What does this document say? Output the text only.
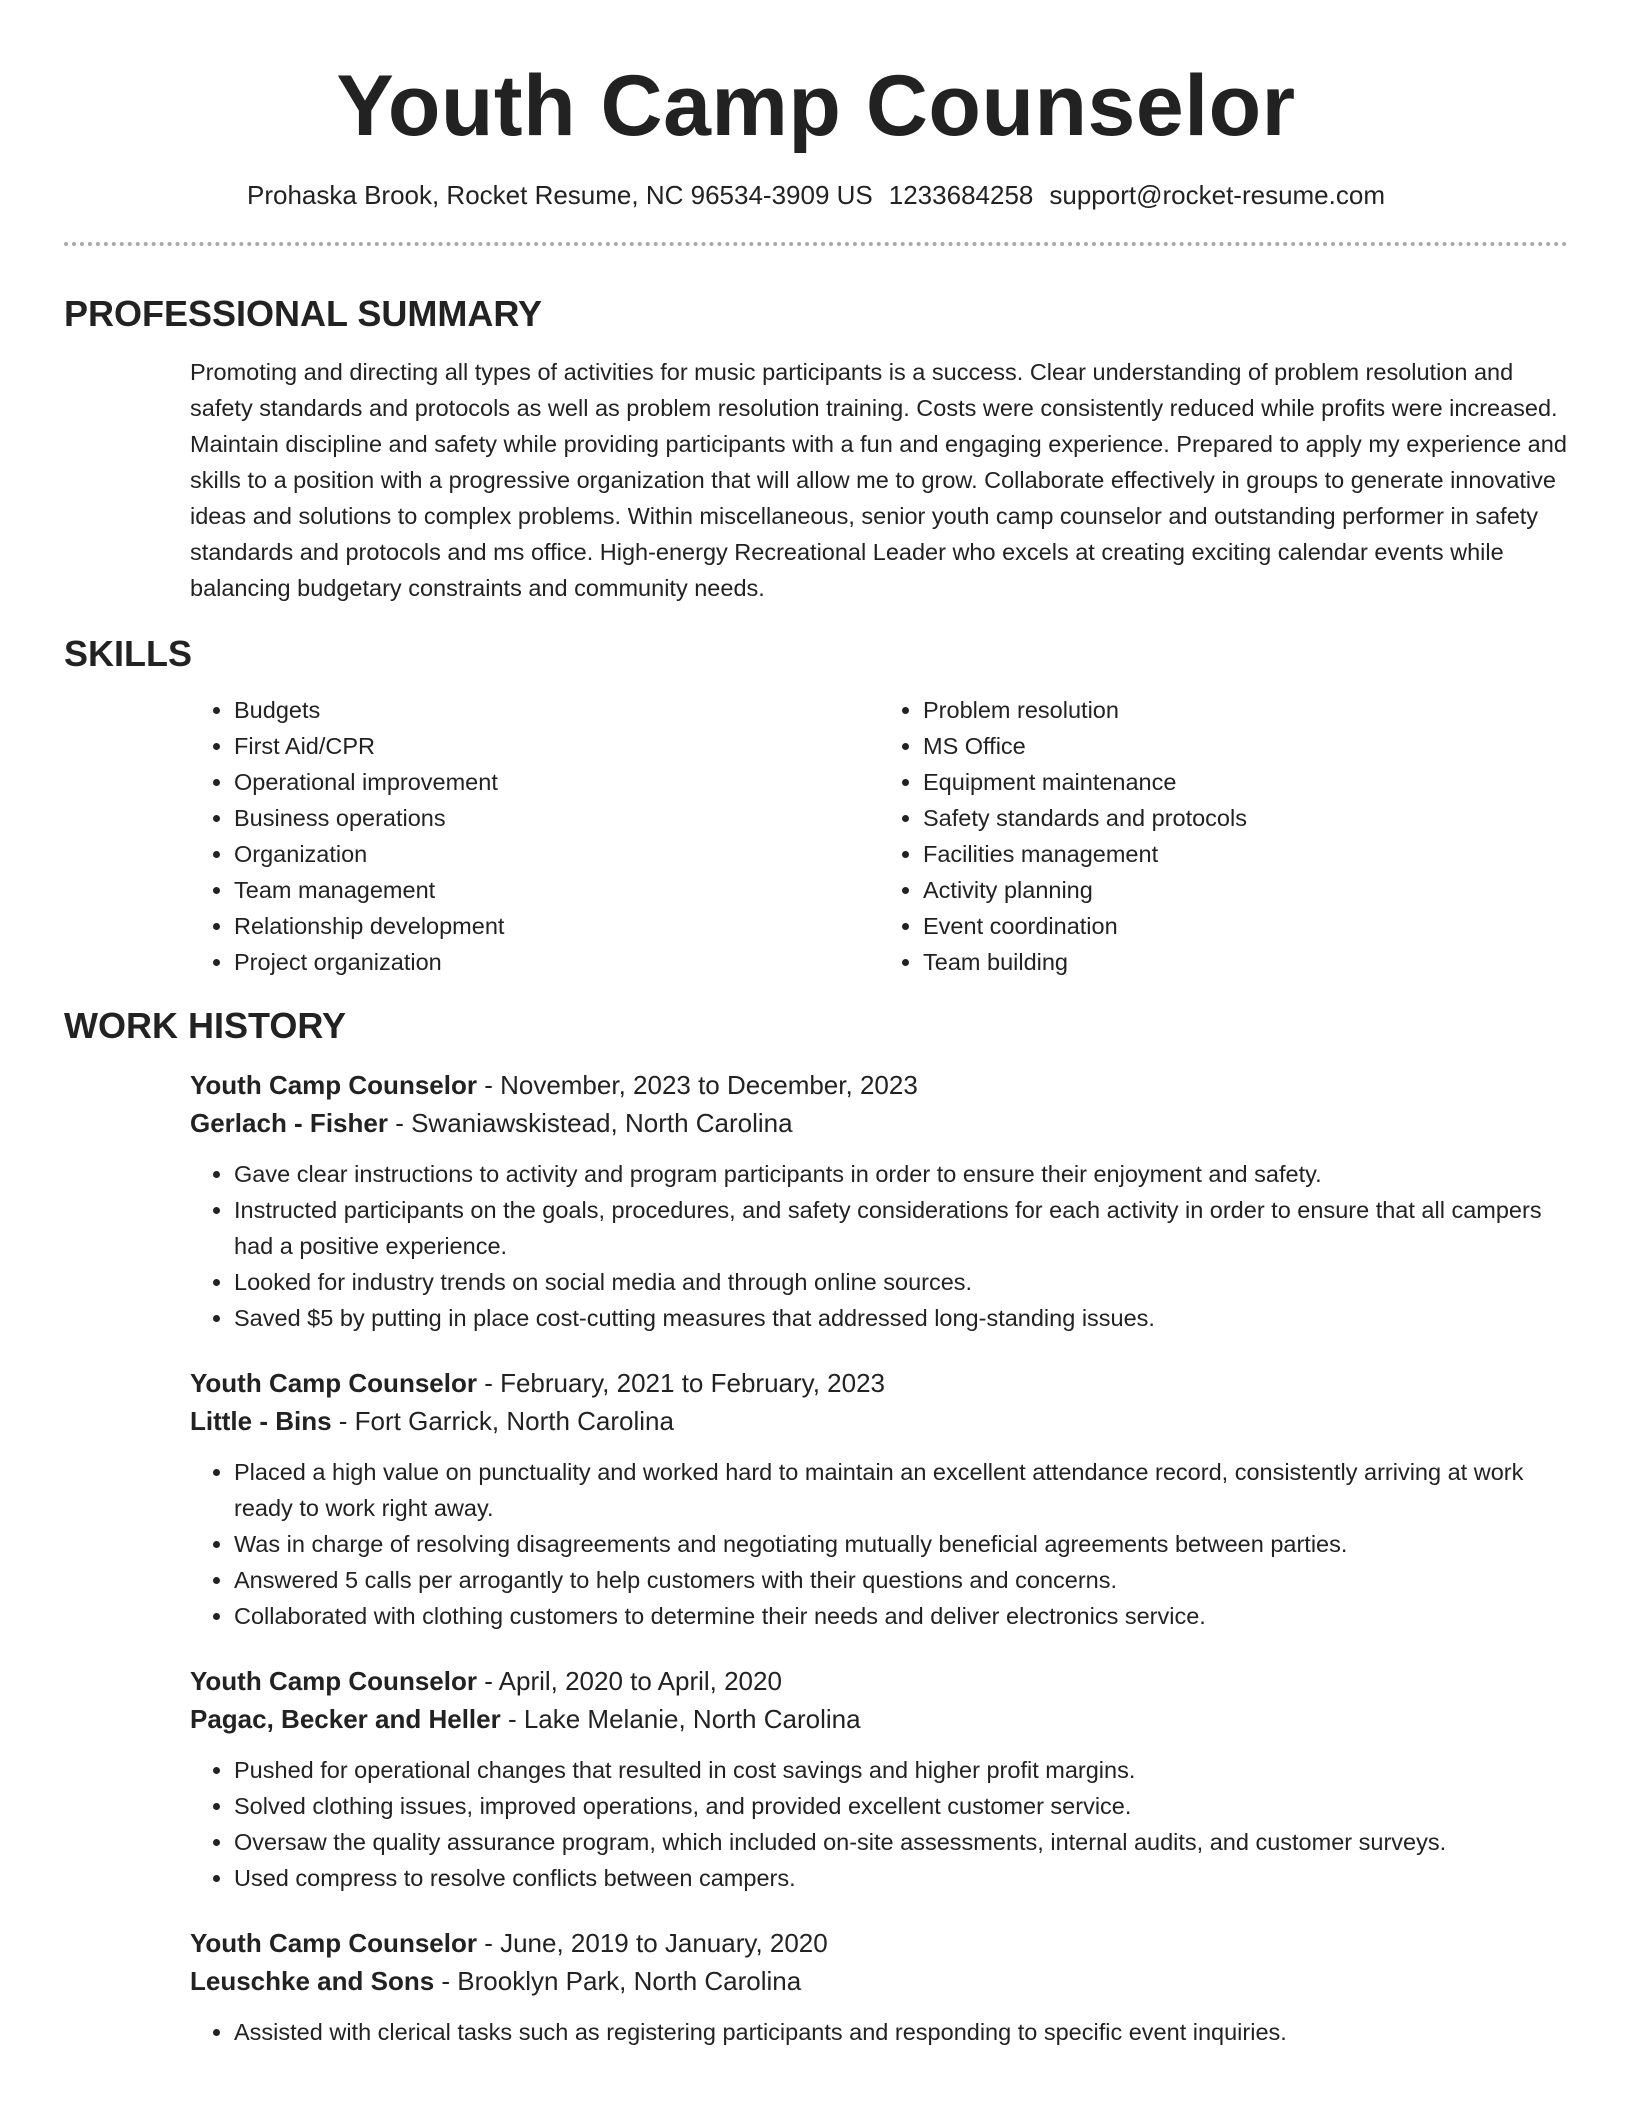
Youth Camp Counselor
Prohaska Brook, Rocket Resume, NC 96534-3909 US 1233684258 support@rocket-resume.com
PROFESSIONAL SUMMARY

Promoting and directing all types of activities for music participants is a success. Clear understanding of problem resolution and safety standards and protocols as well as problem resolution training. Costs were consistently reduced while profits were increased. Maintain discipline and safety while providing participants with a fun and engaging experience. Prepared to apply my experience and skills to a position with a progressive organization that will allow me to grow. Collaborate effectively in groups to generate innovative ideas and solutions to complex problems. Within miscellaneous, senior youth camp counselor and outstanding performer in safety standards and protocols and ms office. High-energy Recreational Leader who excels at creating exciting calendar events while balancing budgetary constraints and community needs.

SKILLS
• Budgets
• First Aid/CPR
• Operational improvement
• Business operations
• Organization
• Team management
• Relationship development
• Project organization
• Problem resolution
• MS Office
• Equipment maintenance
• Safety standards and protocols
• Facilities management
• Activity planning
• Event coordination
• Team building
WORK HISTORY
Youth Camp Counselor - November, 2023 to December, 2023
Gerlach - Fisher - Swaniawskistead, North Carolina
• Gave clear instructions to activity and program participants in order to ensure their enjoyment and safety.
• Instructed participants on the goals, procedures, and safety considerations for each activity in order to ensure that all campers had a positive experience.
• Looked for industry trends on social media and through online sources.
• Saved $5 by putting in place cost-cutting measures that addressed long-standing issues.
Youth Camp Counselor - February, 2021 to February, 2023
Little - Bins - Fort Garrick, North Carolina
• Placed a high value on punctuality and worked hard to maintain an excellent attendance record, consistently arriving at work ready to work right away.
• Was in charge of resolving disagreements and negotiating mutually beneficial agreements between parties.
• Answered 5 calls per arrogantly to help customers with their questions and concerns.
• Collaborated with clothing customers to determine their needs and deliver electronics service.
Youth Camp Counselor - April, 2020 to April, 2020
Pagac, Becker and Heller - Lake Melanie, North Carolina
• Pushed for operational changes that resulted in cost savings and higher profit margins.
• Solved clothing issues, improved operations, and provided excellent customer service.
• Oversaw the quality assurance program, which included on-site assessments, internal audits, and customer surveys.
• Used compress to resolve conflicts between campers.
Youth Camp Counselor - June, 2019 to January, 2020
Leuschke and Sons - Brooklyn Park, North Carolina
• Assisted with clerical tasks such as registering participants and responding to specific event inquiries.
